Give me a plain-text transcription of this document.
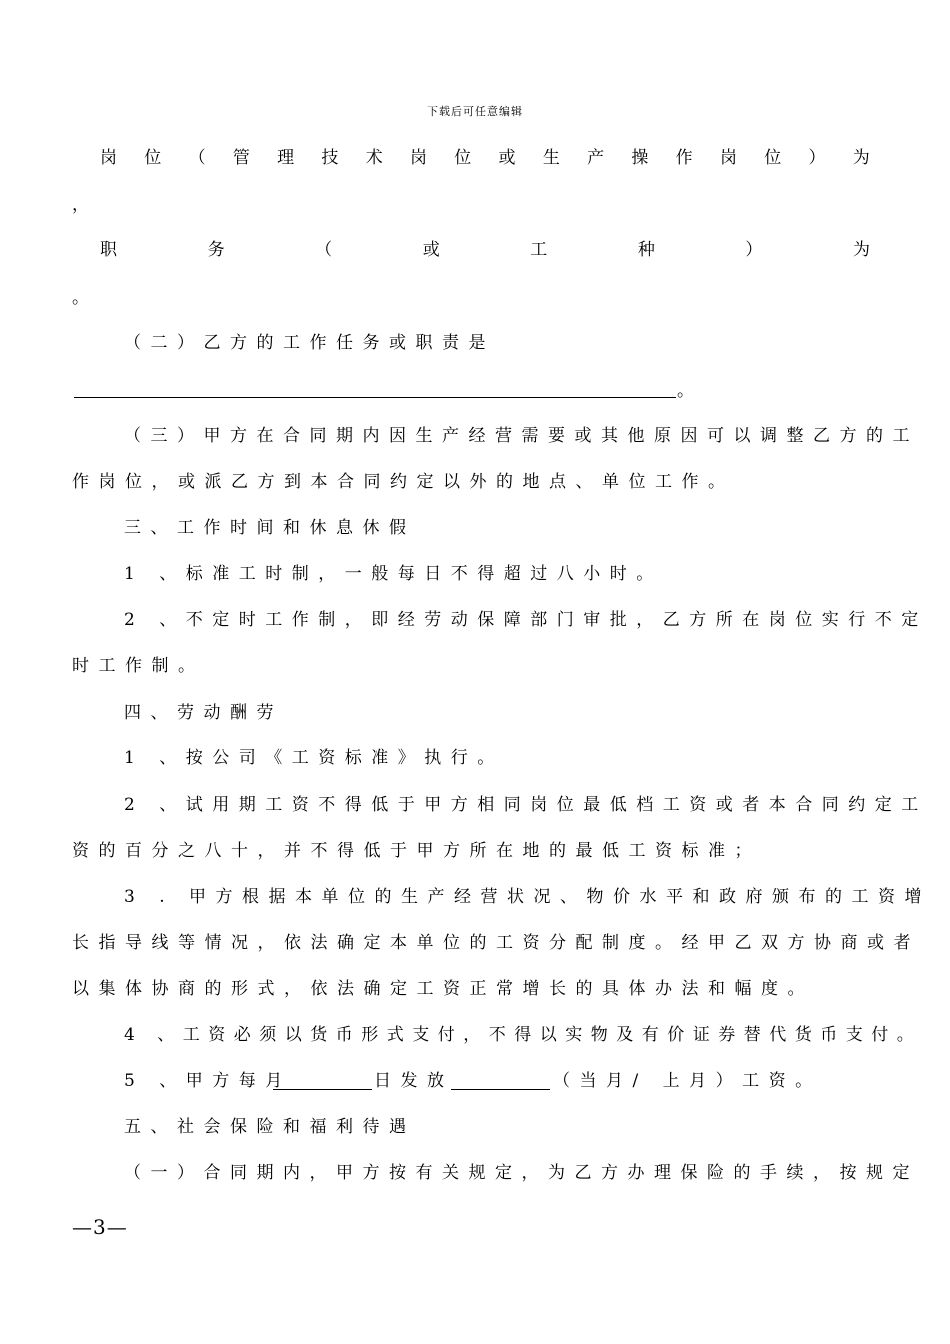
下载后可任意编辑
岗 位 （ 管 理 技 术 岗 位 或 生 产 操 作 岗 位 ） 为
，
职	务	（	或	工	种	）	为
。
（二）乙方的工作任务或职责是
。
（三）甲方在合同期内因生产经营需要或其他原因可以调整乙方的工
作岗位，或派乙方到本合同约定以外的地点、单位工作。
三、工作时间和休息休假
1 、标准工时制，一般每日不得超过八小时。
2 、不定时工作制，即经劳动保障部门审批，乙方所在岗位实行不定
时工作制。
四、劳动酬劳
1 、按公司《工资标准》执行。
2 、试用期工资不得低于甲方相同岗位最低档工资或者本合同约定工
资的百分之八十，并不得低于甲方所在地的最低工资标准；
3 . 甲方根据本单位的生产经营状况、物价水平和政府颁布的工资增
长指导线等情况，依法确定本单位的工资分配制度。经甲乙双方协商或者
以集体协商的形式，依法确定工资正常增长的具体办法和幅度。
4 、工资必须以货币形式支付，不得以实物及有价证券替代货币支付。
5 、甲方每月	日发放	（当月/ 上月）工资。
五、社会保险和福利待遇
（一）合同期内，甲方按有关规定，为乙方办理保险的手续，按规定
—3—
